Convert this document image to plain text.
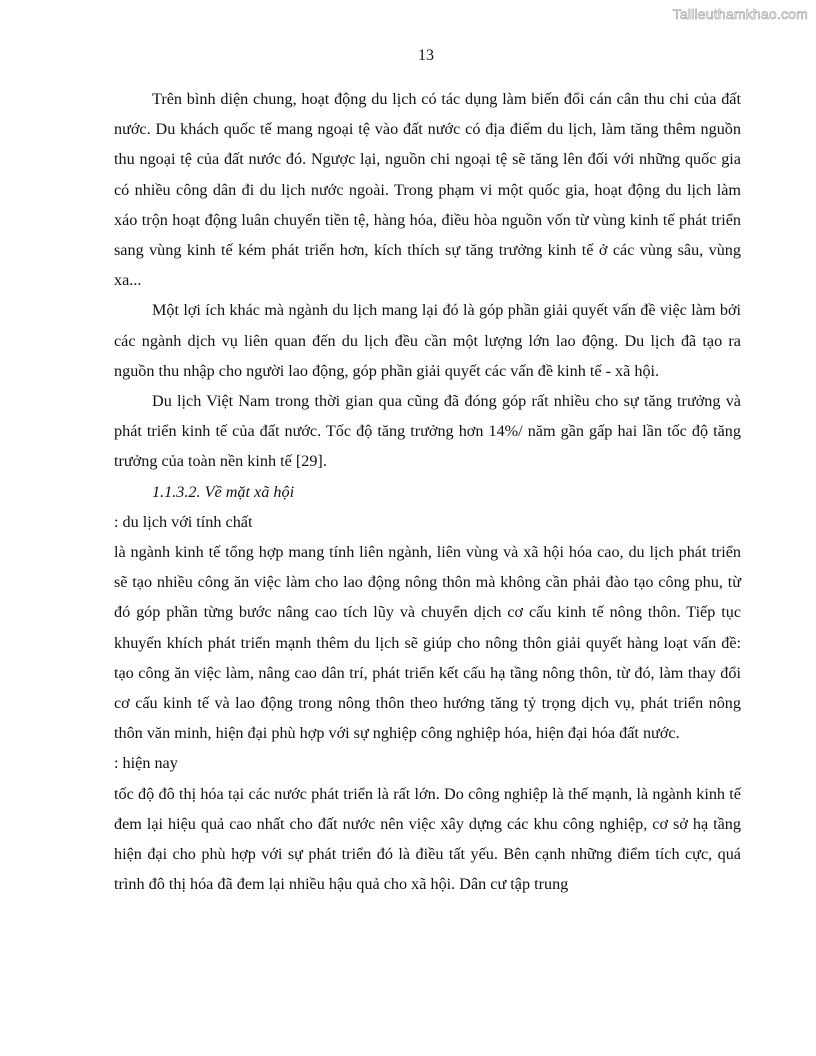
Tailieuthamkhao.com
13

Trên bình diện chung, hoạt động du lịch có tác dụng làm biến đổi cán cân thu chi của đất nước. Du khách quốc tế mang ngoại tệ vào đất nước có địa điểm du lịch, làm tăng thêm nguồn thu ngoại tệ của đất nước đó. Ngược lại, nguồn chi ngoại tệ sẽ tăng lên đối với những quốc gia có nhiều công dân đi du lịch nước ngoài. Trong phạm vi một quốc gia, hoạt động du lịch làm xáo trộn hoạt động luân chuyển tiền tệ, hàng hóa, điều hòa nguồn vốn từ vùng kinh tế phát triển sang vùng kinh tế kém phát triển hơn, kích thích sự tăng trưởng kinh tế ở các vùng sâu, vùng xa...

Một lợi ích khác mà ngành du lịch mang lại đó là góp phần giải quyết vấn đề việc làm bởi các ngành dịch vụ liên quan đến du lịch đều cần một lượng lớn lao động. Du lịch đã tạo ra nguồn thu nhập cho người lao động, góp phần giải quyết các vấn đề kinh tế - xã hội.

Du lịch Việt Nam trong thời gian qua cũng đã đóng góp rất nhiều cho sự tăng trưởng và phát triển kinh tế của đất nước. Tốc độ tăng trưởng hơn 14%/ năm gần gấp hai lần tốc độ tăng trưởng của toàn nền kinh tế [29].

1.1.3.2. Về mặt xã hội

: du lịch với tính chất

là ngành kinh tế tổng hợp mang tính liên ngành, liên vùng và xã hội hóa cao, du lịch phát triển sẽ tạo nhiều công ăn việc làm cho lao động nông thôn mà không cần phải đào tạo công phu, từ đó góp phần từng bước nâng cao tích lũy và chuyển dịch cơ cấu kinh tế nông thôn. Tiếp tục khuyến khích phát triển mạnh thêm du lịch sẽ giúp cho nông thôn giải quyết hàng loạt vấn đề: tạo công ăn việc làm, nâng cao dân trí, phát triển kết cấu hạ tầng nông thôn, từ đó, làm thay đổi cơ cấu kinh tế và lao động trong nông thôn theo hướng tăng tỷ trọng dịch vụ, phát triển nông thôn văn minh, hiện đại phù hợp với sự nghiệp công nghiệp hóa, hiện đại hóa đất nước.

: hiện nay

tốc độ đô thị hóa tại các nước phát triển là rất lớn. Do công nghiệp là thế mạnh, là ngành kinh tế đem lại hiệu quả cao nhất cho đất nước nên việc xây dựng các khu công nghiệp, cơ sở hạ tầng hiện đại cho phù hợp với sự phát triển đó là điều tất yếu. Bên cạnh những điểm tích cực, quá trình đô thị hóa đã đem lại nhiều hậu quả cho xã hội. Dân cư tập trung
